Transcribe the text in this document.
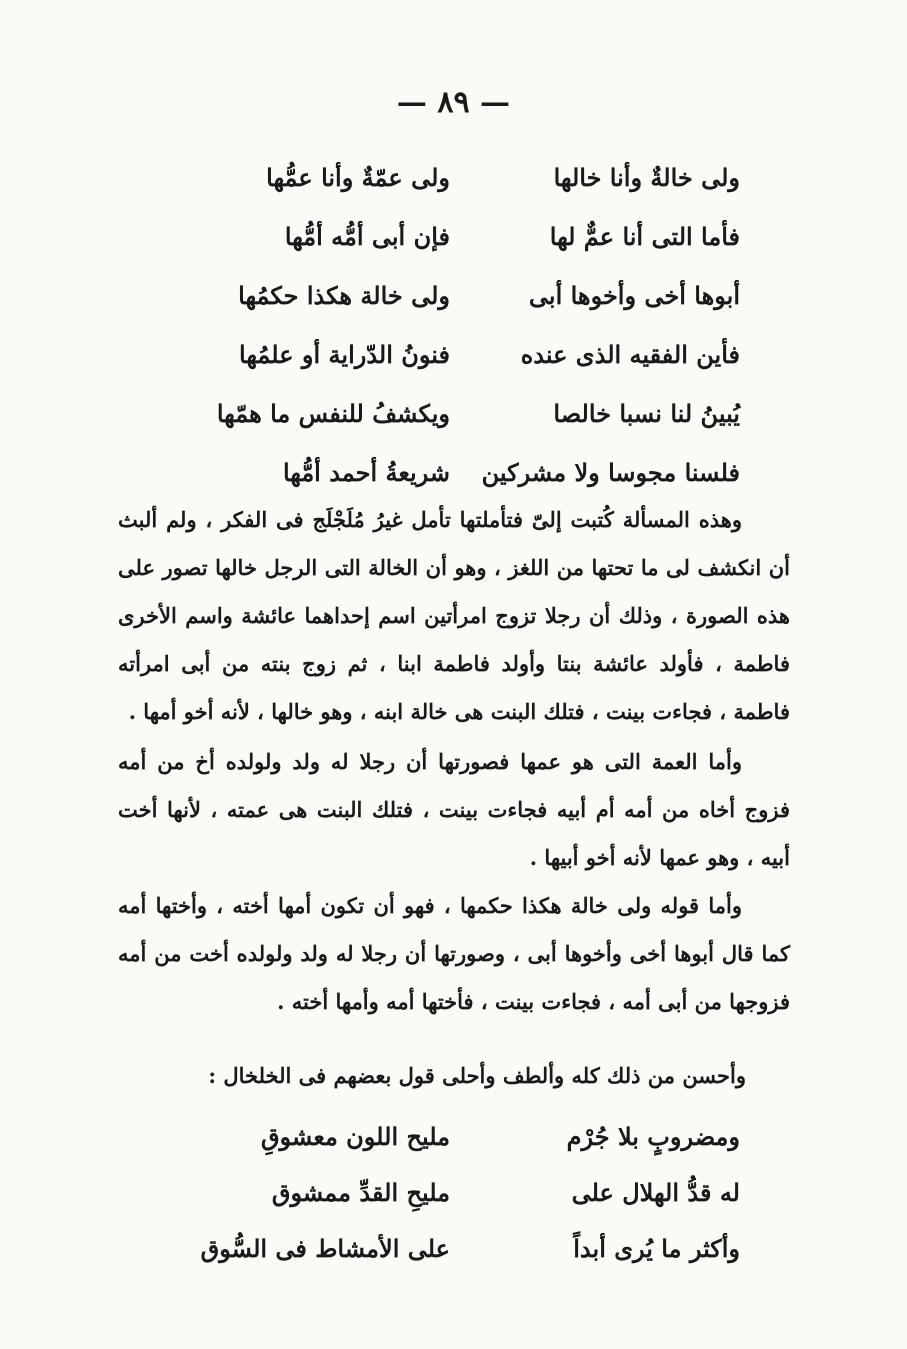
— ٨٩ —
ولى خالةٌ وأنا خالها
ولى عمّةٌ وأنا عمُّها
فأما التى أنا عمٌّ لها
فإن أبى أمُّه أمُّها
أبوها أخى وأخوها أبى
ولى خالة هكذا حكمُها
فأين الفقيه الذى عنده
فنونُ الدّراية أو علمُها
يُبينُ لنا نسبا خالصا
ويكشفُ للنفس ما همّها
فلسنا مجوسا ولا مشركين
شريعةُ أحمد أمُّها

وهذه المسألة كُتبت إلىّ فتأملتها تأمل غيرُ مُلَجْلَج فى الفكر ، ولم ألبث أن انكشف لى ما تحتها من اللغز ، وهو أن الخالة التى الرجل خالها تصور على هذه الصورة ، وذلك أن رجلا تزوج امرأتين اسم إحداهما عائشة واسم الأخرى فاطمة ، فأولد عائشة بنتا وأولد فاطمة ابنا ، ثم زوج بنته من أبى امرأته فاطمة ، فجاءت بينت ، فتلك البنت هى خالة ابنه ، وهو خالها ، لأنه أخو أمها .

وأما العمة التى هو عمها فصورتها أن رجلا له ولد ولولده أخ من أمه فزوج أخاه من أمه أم أبيه فجاءت بينت ، فتلك البنت هى عمته ، لأنها أخت أبيه ، وهو عمها لأنه أخو أبيها .

وأما قوله ولى خالة هكذا حكمها ، فهو أن تكون أمها أخته ، وأختها أمه كما قال أبوها أخى وأخوها أبى ، وصورتها أن رجلا له ولد ولولده أخت من أمه فزوجها من أبى أمه ، فجاءت بينت ، فأختها أمه وأمها أخته .

وأحسن من ذلك كله وألطف وأحلى قول بعضهم فى الخلخال :
ومضروبٍ بلا جُرْم
مليح اللون معشوقِ
له قدُّ الهلال على
مليحِ القدِّ ممشوق
وأكثر ما يُرى أبداً
على الأمشاط فى السُّوق
